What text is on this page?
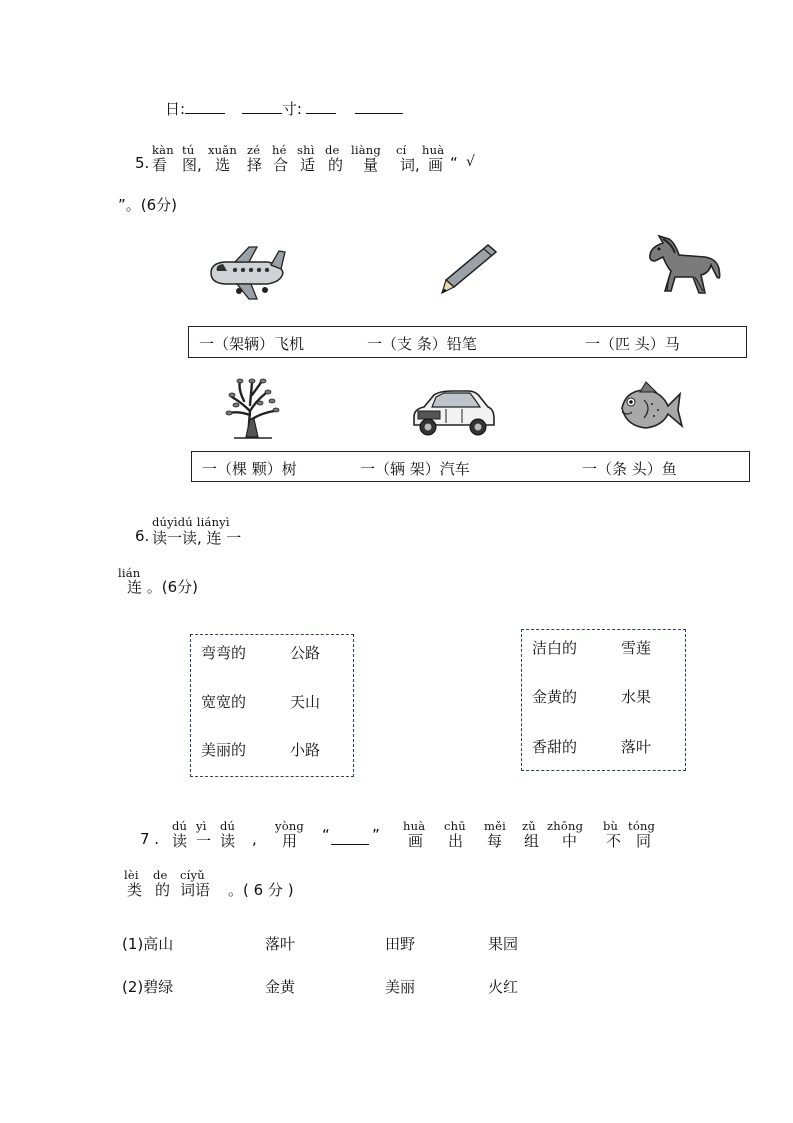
日:	寸:
5.
kàn tú xuǎn zé hé shì de liàng cí huà
看 图, 选 择 合 适 的 量 词, 画 “ √
”。(6分)
一（架辆）飞机	一（支 条）铅笔	一（匹 头）马
一（棵 颗）树	一（辆 架）汽车	一（条 头）鱼
dúyìdú liányì
6. 读一读, 连 一
lián
连 。(6分)
弯弯的	公路
宽宽的	天山
美丽的	小路
洁白的	雪莲
金黄的	水果
香甜的	落叶
7 .
dú yì dú	yòng	huà chū měi zǔ zhōng bù tóng
读 一 读 , 用 “	” 画 出 每 组 中 不 同
lèi de cíyǔ
类 的 词语 。( 6 分 )
(1)高山	落叶	田野	果园
(2)碧绿	金黄	美丽	火红
